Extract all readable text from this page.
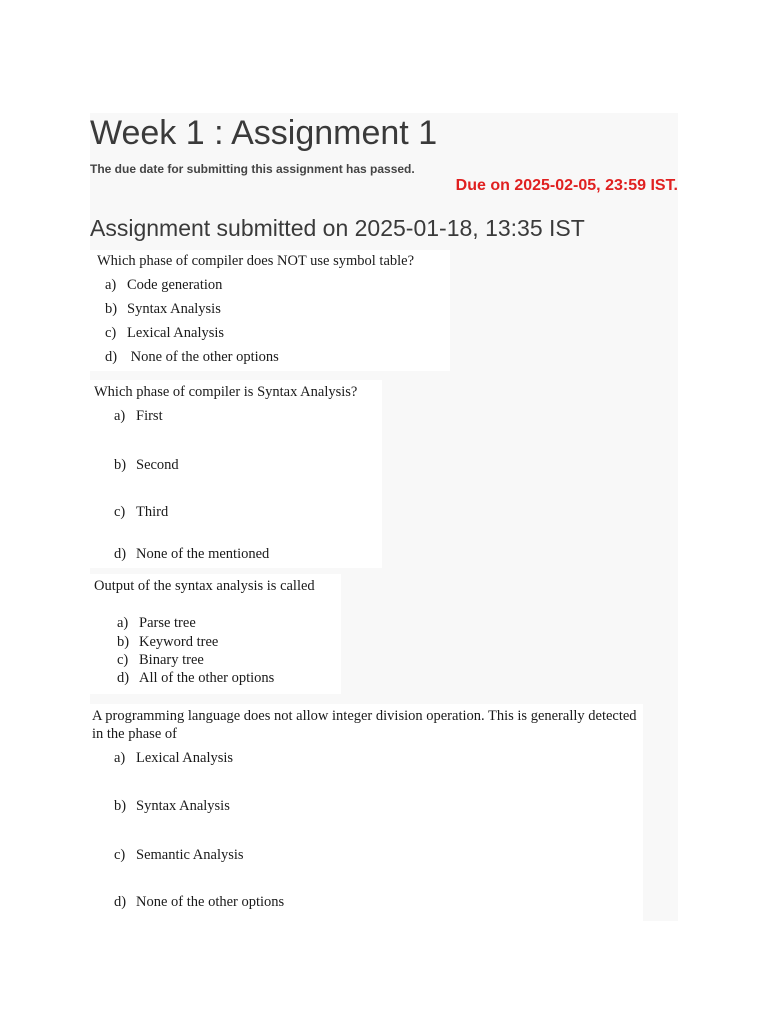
Week 1 : Assignment 1
The due date for submitting this assignment has passed.
Due on 2025-02-05, 23:59 IST.
Assignment submitted on 2025-01-18, 13:35 IST
Which phase of compiler does NOT use symbol table?
a) Code generation
b) Syntax Analysis
c) Lexical Analysis
d) None of the other options
Which phase of compiler is Syntax Analysis?
a) First
b) Second
c) Third
d) None of the mentioned
Output of the syntax analysis is called
a) Parse tree
b) Keyword tree
c) Binary tree
d) All of the other options
A programming language does not allow integer division operation. This is generally detected in the phase of
a) Lexical Analysis
b) Syntax Analysis
c) Semantic Analysis
d) None of the other options
